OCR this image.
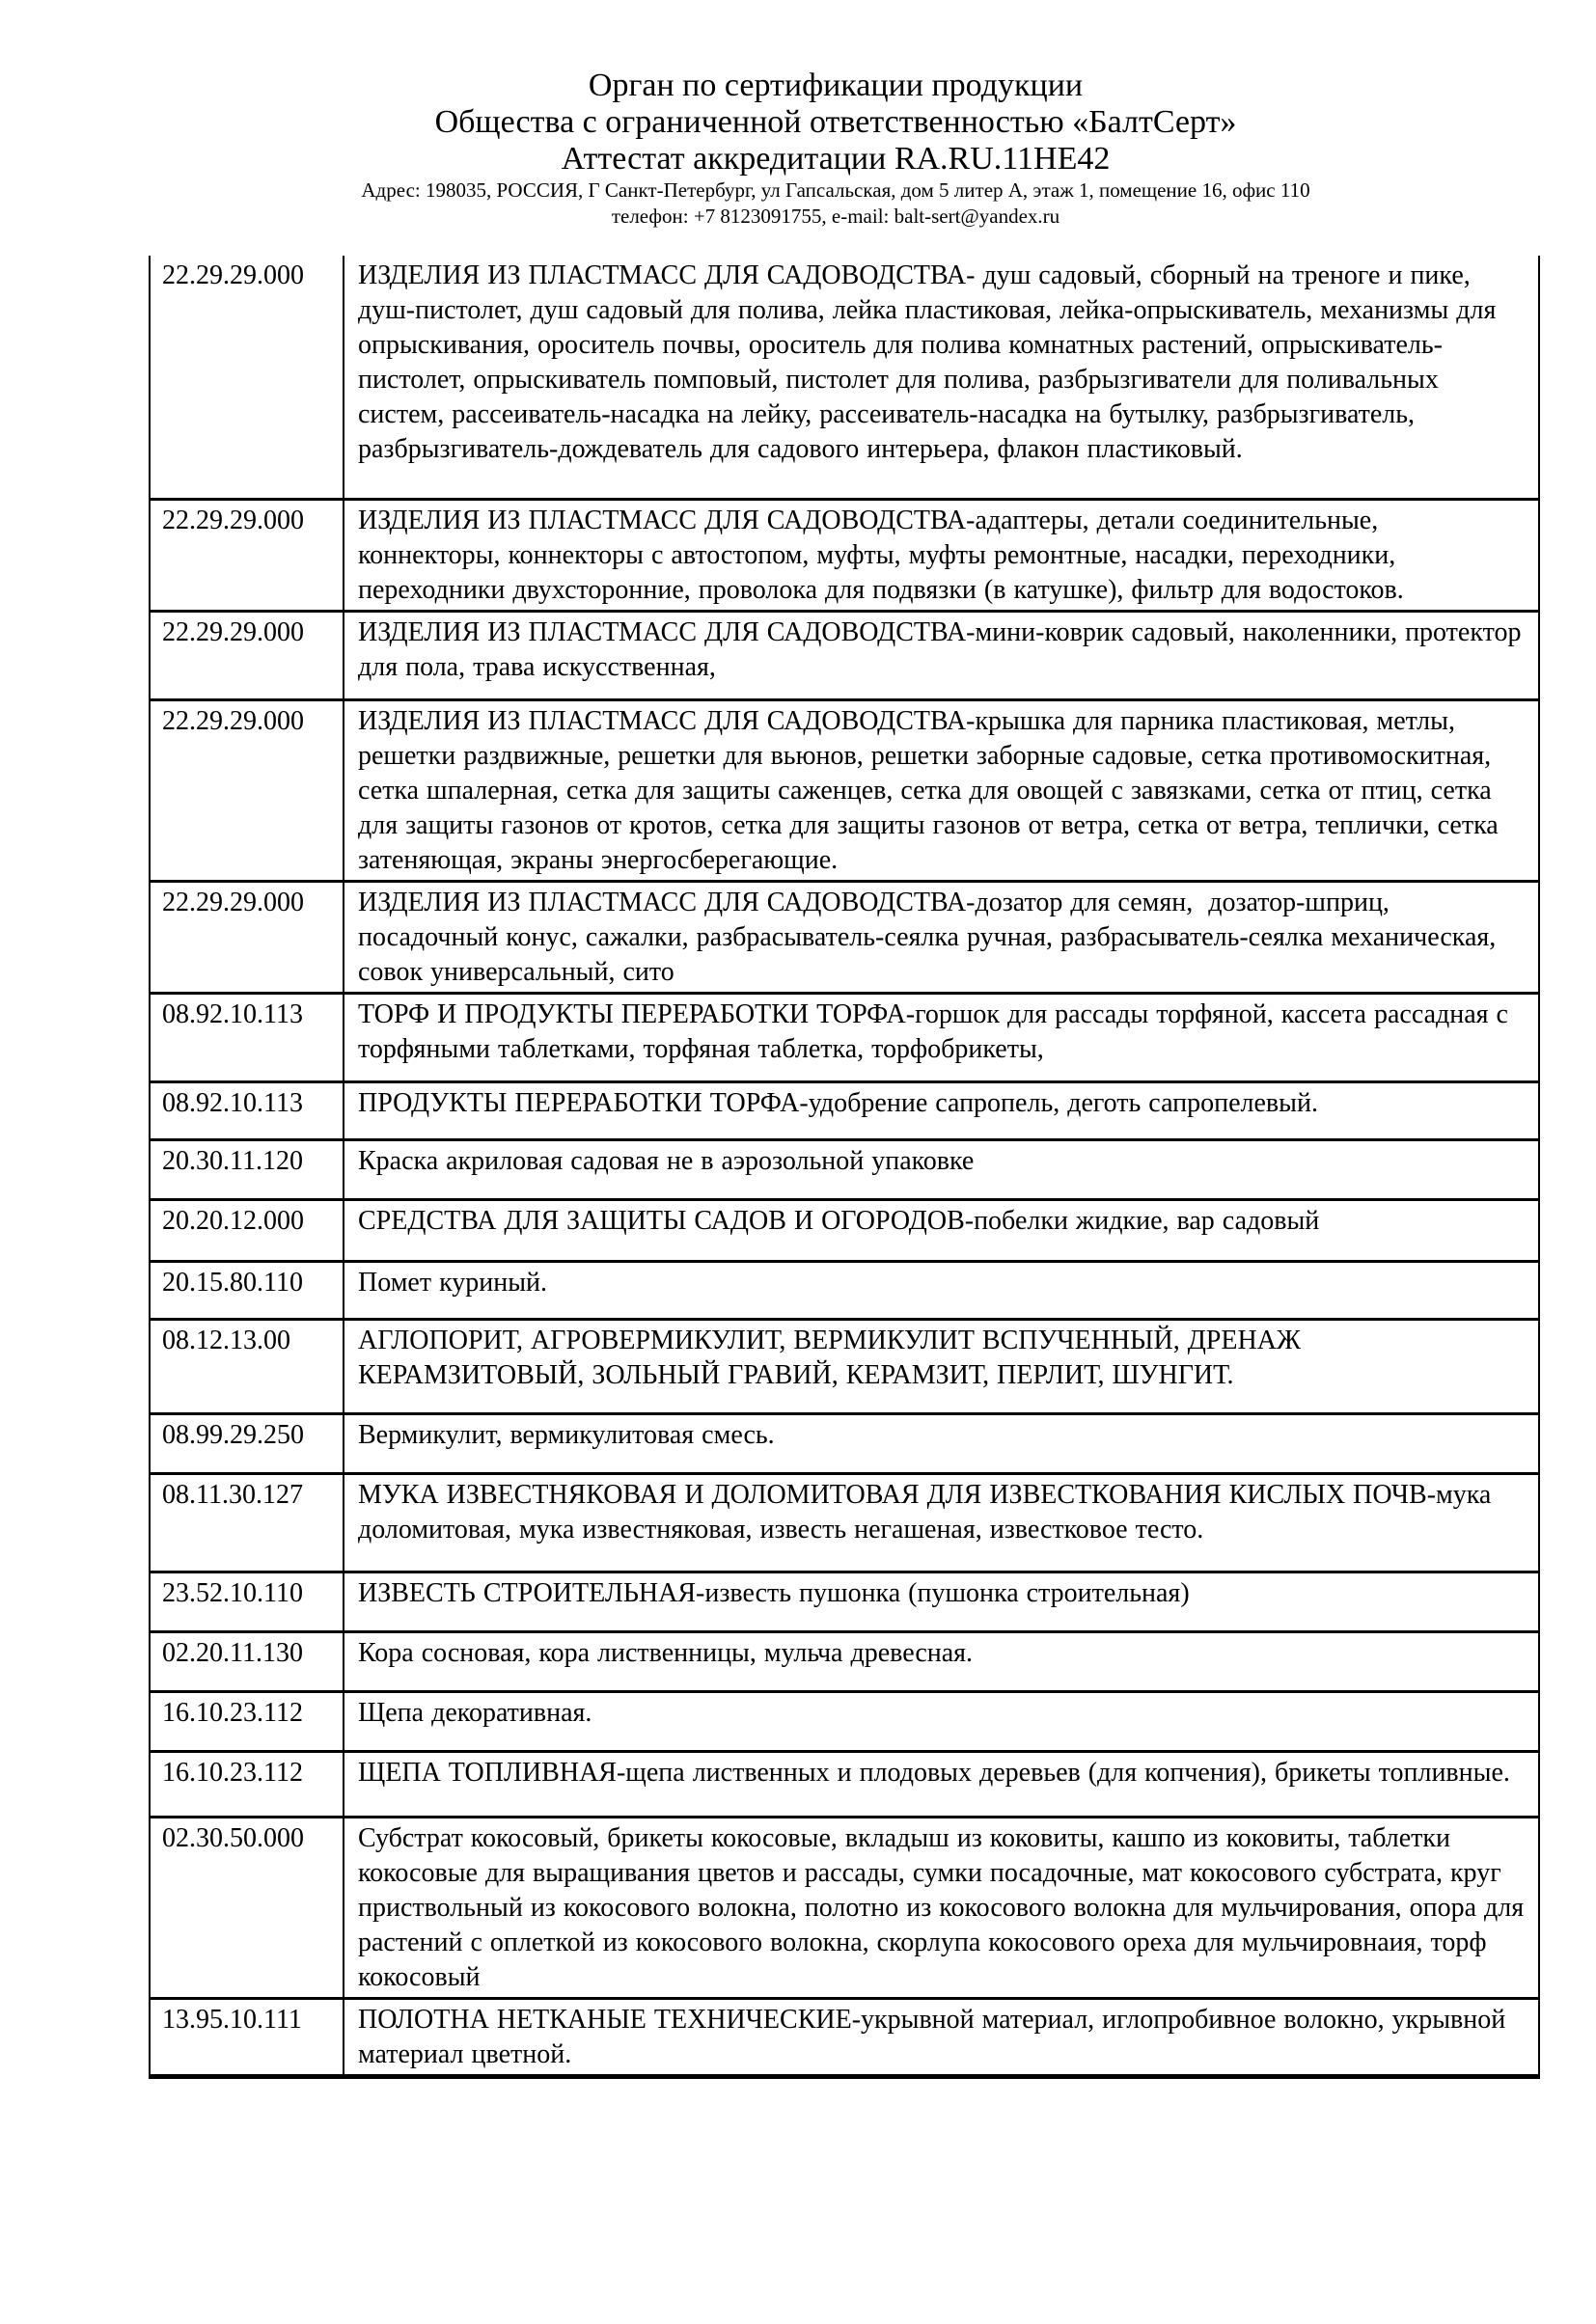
Орган по сертификации продукции
Общества с ограниченной ответственностью «БалтСерт»
Аттестат аккредитации RA.RU.11НЕ42
Адрес: 198035, РОССИЯ, Г Санкт-Петербург, ул Гапсальская, дом 5 литер А, этаж 1, помещение 16, офис 110
телефон: +7 8123091755, e-mail: balt-sert@yandex.ru
22.29.29.000	ИЗДЕЛИЯ ИЗ ПЛАСТМАСС ДЛЯ САДОВОДСТВА- душ садовый, сборный на треноге и пике, душ-пистолет, душ садовый для полива, лейка пластиковая, лейка-опрыскиватель, механизмы для опрыскивания, ороситель почвы, ороситель для полива комнатных растений, опрыскиватель-пистолет, опрыскиватель помповый, пистолет для полива, разбрызгиватели для поливальных систем, рассеиватель-насадка на лейку, рассеиватель-насадка на бутылку, разбрызгиватель, разбрызгиватель-дождеватель для садового интерьера, флакон пластиковый.
22.29.29.000	ИЗДЕЛИЯ ИЗ ПЛАСТМАСС ДЛЯ САДОВОДСТВА-адаптеры, детали соединительные, коннекторы, коннекторы с автостопом, муфты, муфты ремонтные, насадки, переходники, переходники двухсторонние, проволока для подвязки (в катушке), фильтр для водостоков.
22.29.29.000	ИЗДЕЛИЯ ИЗ ПЛАСТМАСС ДЛЯ САДОВОДСТВА-мини-коврик садовый, наколенники, протектор для пола, трава искусственная,
22.29.29.000	ИЗДЕЛИЯ ИЗ ПЛАСТМАСС ДЛЯ САДОВОДСТВА-крышка для парника пластиковая, метлы, решетки раздвижные, решетки для вьюнов, решетки заборные садовые, сетка противомоскитная, сетка шпалерная, сетка для защиты саженцев, сетка для овощей с завязками, сетка от птиц, сетка для защиты газонов от кротов, сетка для защиты газонов от ветра, сетка от ветра, теплички, сетка затеняющая, экраны энергосберегающие.
22.29.29.000	ИЗДЕЛИЯ ИЗ ПЛАСТМАСС ДЛЯ САДОВОДСТВА-дозатор для семян,  дозатор-шприц, посадочный конус, сажалки, разбрасыватель-сеялка ручная, разбрасыватель-сеялка механическая, совок универсальный, сито
08.92.10.113	ТОРФ И ПРОДУКТЫ ПЕРЕРАБОТКИ ТОРФА-горшок для рассады торфяной, кассета рассадная с торфяными таблетками, торфяная таблетка, торфобрикеты,
08.92.10.113	ПРОДУКТЫ ПЕРЕРАБОТКИ ТОРФА-удобрение сапропель, деготь сапропелевый.
20.30.11.120	Краска акриловая садовая не в аэрозольной упаковке
20.20.12.000	СРЕДСТВА ДЛЯ ЗАЩИТЫ САДОВ И ОГОРОДОВ-побелки жидкие, вар садовый
20.15.80.110	Помет куриный.
08.12.13.00	АГЛОПОРИТ, АГРОВЕРМИКУЛИТ, ВЕРМИКУЛИТ ВСПУЧЕННЫЙ, ДРЕНАЖ КЕРАМЗИТОВЫЙ, ЗОЛЬНЫЙ ГРАВИЙ, КЕРАМЗИТ, ПЕРЛИТ, ШУНГИТ.
08.99.29.250	Вермикулит, вермикулитовая смесь.
08.11.30.127	МУКА ИЗВЕСТНЯКОВАЯ И ДОЛОМИТОВАЯ ДЛЯ ИЗВЕСТКОВАНИЯ КИСЛЫХ ПОЧВ-мука доломитовая, мука известняковая, известь негашеная, известковое тесто.
23.52.10.110	ИЗВЕСТЬ СТРОИТЕЛЬНАЯ-известь пушонка (пушонка строительная)
02.20.11.130	Кора сосновая, кора лиственницы, мульча древесная.
16.10.23.112	Щепа декоративная.
16.10.23.112	ЩЕПА ТОПЛИВНАЯ-щепа лиственных и плодовых деревьев (для копчения), брикеты топливные.
02.30.50.000	Субстрат кокосовый, брикеты кокосовые, вкладыш из коковиты, кашпо из коковиты, таблетки кокосовые для выращивания цветов и рассады, сумки посадочные, мат кокосового субстрата, круг приствольный из кокосового волокна, полотно из кокосового волокна для мульчирования, опора для растений с оплеткой из кокосового волокна, скорлупа кокосового ореха для мульчировнаия, торф кокосовый
13.95.10.111	ПОЛОТНА НЕТКАНЫЕ ТЕХНИЧЕСКИЕ-укрывной материал, иглопробивное волокно, укрывной материал цветной.
